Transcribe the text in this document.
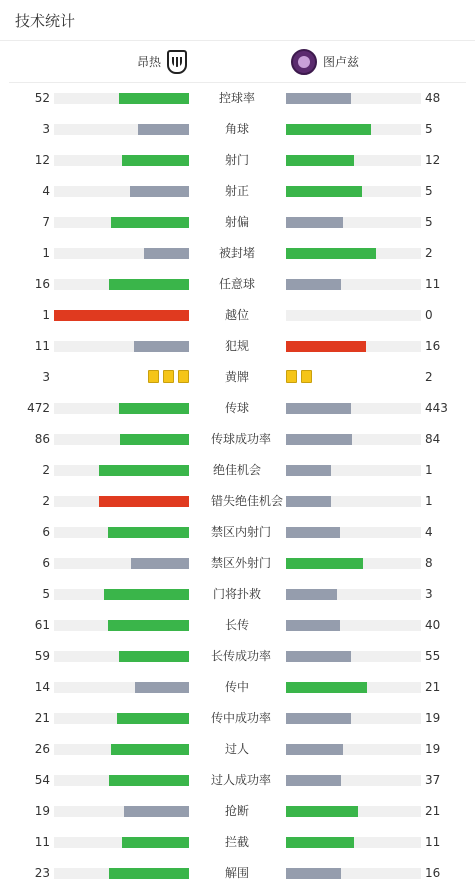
技术统计
昂热	图卢兹
52	控球率	48
3	角球	5
12	射门	12
4	射正	5
7	射偏	5
1	被封堵	2
16	任意球	11
1	越位	0
11	犯规	16
3	黄牌	2
472	传球	443
86	传球成功率	84
2	绝佳机会	1
2	错失绝佳机会	1
6	禁区内射门	4
6	禁区外射门	8
5	门将扑救	3
61	长传	40
59	长传成功率	55
14	传中	21
21	传中成功率	19
26	过人	19
54	过人成功率	37
19	抢断	21
11	拦截	11
23	解围	16
